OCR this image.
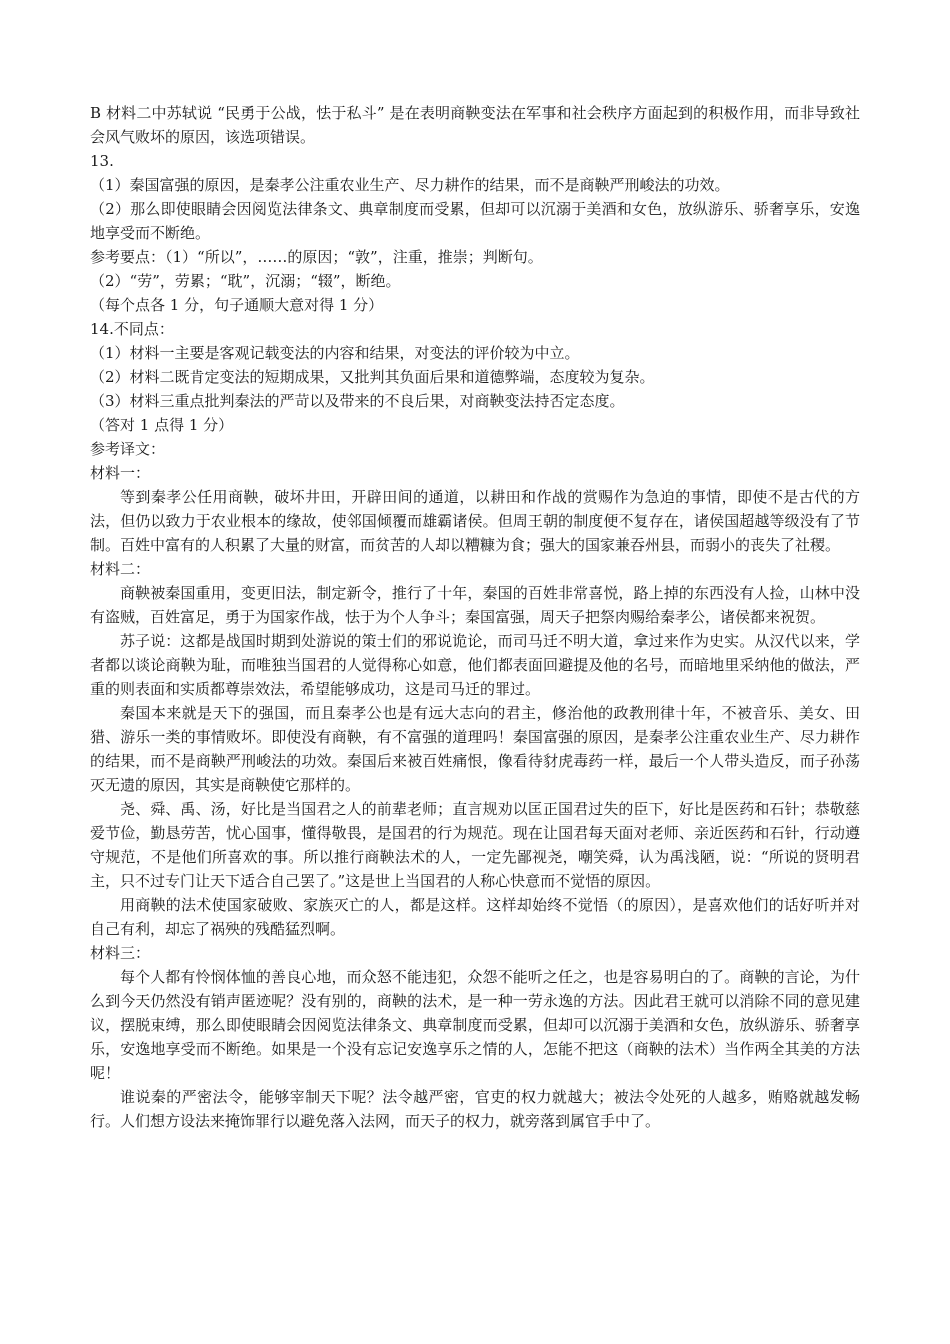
B 材料二中苏轼说 “民勇于公战，怯于私斗” 是在表明商鞅变法在军事和社会秩序方面起到的积极作用，而非导致社会风气败坏的原因，该选项错误。

13.

（1）秦国富强的原因，是秦孝公注重农业生产、尽力耕作的结果，而不是商鞅严刑峻法的功效。

（2）那么即使眼睛会因阅览法律条文、典章制度而受累，但却可以沉溺于美酒和女色，放纵游乐、骄奢享乐，安逸地享受而不断绝。

参考要点：（1）“所以”，……的原因；“敦”，注重，推崇；判断句。

（2）“劳”，劳累；“耽”，沉溺；“辍”，断绝。

（每个点各 1 分，句子通顺大意对得 1 分）

14.不同点：

（1）材料一主要是客观记载变法的内容和结果，对变法的评价较为中立。

（2）材料二既肯定变法的短期成果，又批判其负面后果和道德弊端，态度较为复杂。

（3）材料三重点批判秦法的严苛以及带来的不良后果，对商鞅变法持否定态度。

（答对 1 点得 1 分）

参考译文：

材料一：

等到秦孝公任用商鞅，破坏井田，开辟田间的通道，以耕田和作战的赏赐作为急迫的事情，即使不是古代的方法，但仍以致力于农业根本的缘故，使邻国倾覆而雄霸诸侯。但周王朝的制度便不复存在，诸侯国超越等级没有了节制。百姓中富有的人积累了大量的财富，而贫苦的人却以糟糠为食；强大的国家兼吞州县，而弱小的丧失了社稷。

材料二：

商鞅被秦国重用，变更旧法，制定新令，推行了十年，秦国的百姓非常喜悦，路上掉的东西没有人捡，山林中没有盗贼，百姓富足，勇于为国家作战，怯于为个人争斗；秦国富强，周天子把祭肉赐给秦孝公，诸侯都来祝贺。

苏子说：这都是战国时期到处游说的策士们的邪说诡论，而司马迁不明大道，拿过来作为史实。从汉代以来，学者都以谈论商鞅为耻，而唯独当国君的人觉得称心如意，他们都表面回避提及他的名号，而暗地里采纳他的做法，严重的则表面和实质都尊崇效法，希望能够成功，这是司马迁的罪过。

秦国本来就是天下的强国，而且秦孝公也是有远大志向的君主，修治他的政教刑律十年，不被音乐、美女、田猎、游乐一类的事情败坏。即使没有商鞅，有不富强的道理吗！秦国富强的原因，是秦孝公注重农业生产、尽力耕作的结果，而不是商鞅严刑峻法的功效。秦国后来被百姓痛恨，像看待豺虎毒药一样，最后一个人带头造反，而子孙荡灭无遗的原因，其实是商鞅使它那样的。

尧、舜、禹、汤，好比是当国君之人的前辈老师；直言规劝以匡正国君过失的臣下，好比是医药和石针；恭敬慈爱节俭，勤恳劳苦，忧心国事，懂得敬畏，是国君的行为规范。现在让国君每天面对老师、亲近医药和石针，行动遵守规范，不是他们所喜欢的事。所以推行商鞅法术的人，一定先鄙视尧，嘲笑舜，认为禹浅陋，说：“所说的贤明君主，只不过专门让天下适合自己罢了。”这是世上当国君的人称心快意而不觉悟的原因。

用商鞅的法术使国家破败、家族灭亡的人，都是这样。这样却始终不觉悟（的原因），是喜欢他们的话好听并对自己有利，却忘了祸殃的残酷猛烈啊。

材料三：

每个人都有怜悯体恤的善良心地，而众怒不能违犯，众怨不能听之任之，也是容易明白的了。商鞅的言论，为什么到今天仍然没有销声匿迹呢？没有别的，商鞅的法术，是一种一劳永逸的方法。因此君王就可以消除不同的意见建议，摆脱束缚，那么即使眼睛会因阅览法律条文、典章制度而受累，但却可以沉溺于美酒和女色，放纵游乐、骄奢享乐，安逸地享受而不断绝。如果是一个没有忘记安逸享乐之情的人，怎能不把这（商鞅的法术）当作两全其美的方法呢！

谁说秦的严密法令，能够宰制天下呢？法令越严密，官吏的权力就越大；被法令处死的人越多，贿赂就越发畅行。人们想方设法来掩饰罪行以避免落入法网，而天子的权力，就旁落到属官手中了。
